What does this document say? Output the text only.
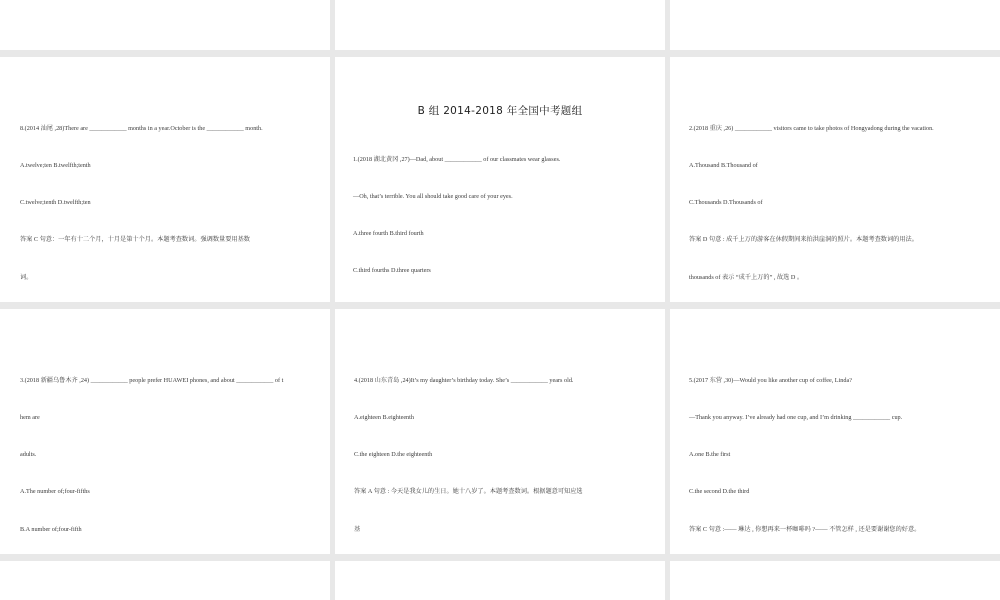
8.(2014 汕尾 ,28)There are ____________ months in a year.October is the ____________ month.

A.twelve;ten B.twelfth;tenth

C.twelve;tenth D.twelfth;ten

答案 C 句意：一年有十二个月，十月是第十个月。本题考查数词。强调数量要用基数

词。

B 组 2014-2018 年全国中考题组

1.(2018 湖北黄冈 ,27)—Dad, about ____________ of our classmates wear glasses.

—Oh, that’s terrible. You all should take good care of your eyes.

A.three fourth B.third fourth

C.third fourths D.three quarters

2.(2018 重庆 ,26) ____________ visitors came to take photos of Hongyadong during the vacation.

A.Thousand B.Thousand of

C.Thousands D.Thousands of

答案 D 句意 : 成千上万的游客在休假期间来拍洪崖洞的照片。本题考查数词的用法。

thousands of 表示 “成千上万的” , 故选 D 。

3.(2018 新疆乌鲁木齐 ,24) ____________ people prefer HUAWEI phones, and about ____________ of t

hem are

adults.

A.The number of;four-fifths

B.A number of;four-fifth

4.(2018 山东青岛 ,24)It’s my daughter’s birthday today. She’s ____________ years old.

A.eighteen B.eighteenth

C.the eighteen D.the eighteenth

答案 A 句意 : 今天是我女儿的生日。她十八岁了。本题考查数词。根据题意可知应选

基

5.(2017 东营 ,30)—Would you like another cup of coffee, Linda?

—Thank you anyway. I’ve already had one cup, and I’m drinking ____________ cup.

A.one B.the first

C.the second D.the third

答案 C 句意 :—— 琳达 , 你想再来一杯咖啡吗 ?—— 不管怎样 , 还是要谢谢您的好意。
